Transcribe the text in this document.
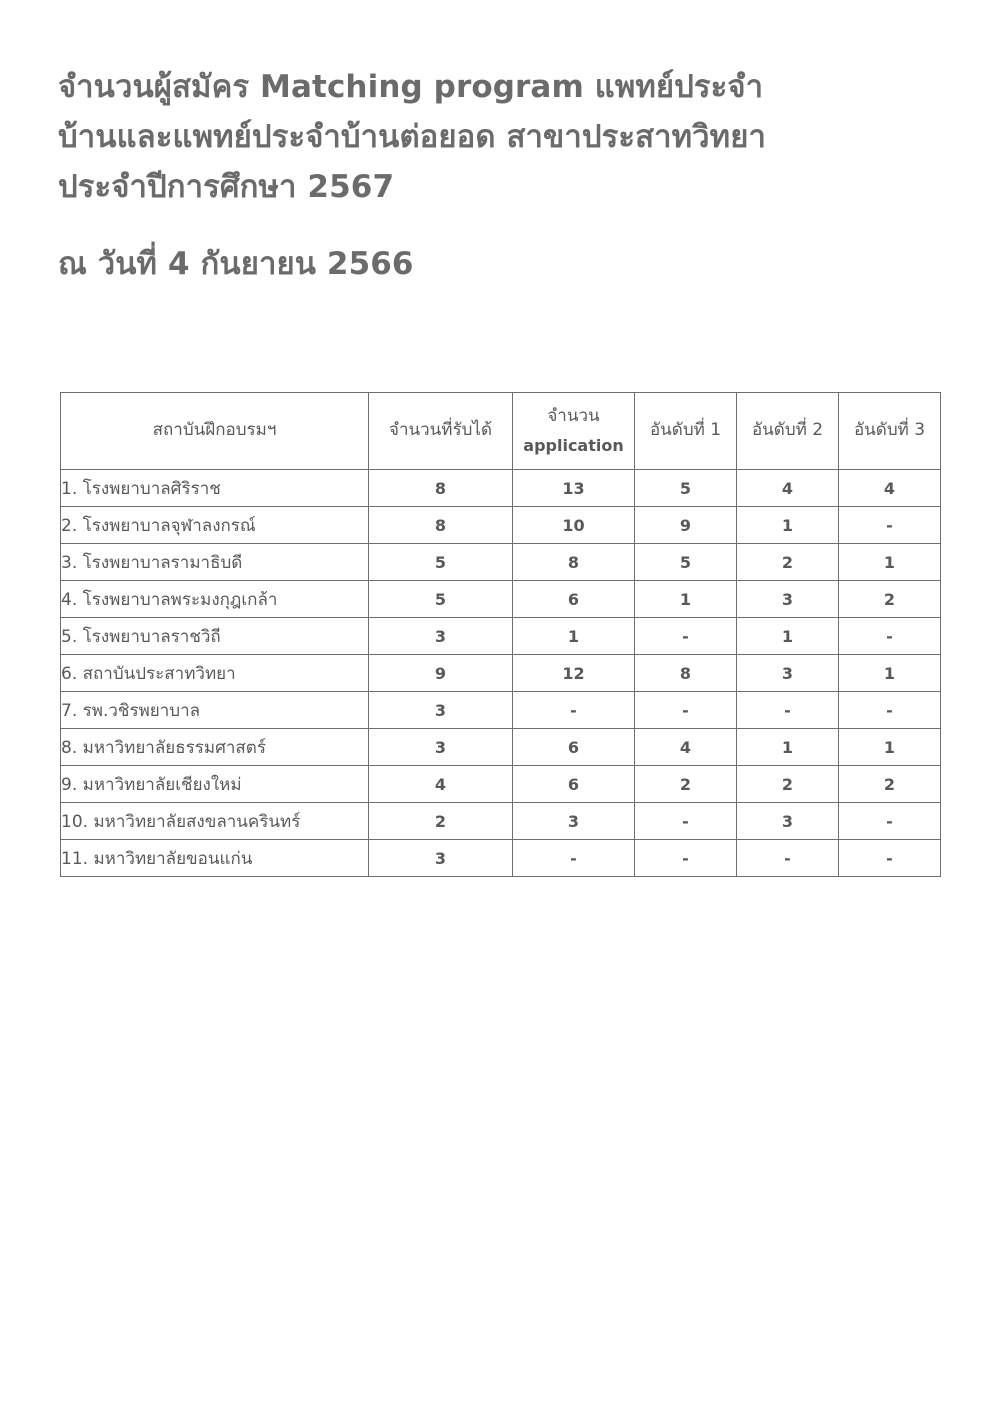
จำนวนผู้สมัคร Matching program แพทย์ประจำ
บ้านและแพทย์ประจำบ้านต่อยอด สาขาประสาทวิทยา
ประจำปีการศึกษา 2567

ณ วันที่ 4 กันยายน 2566

สถาบันฝึกอบรมฯ	จำนวนที่รับได้	จำนวน
application	อันดับที่ 1	อันดับที่ 2	อันดับที่ 3
1. โรงพยาบาลศิริราช	8	13	5	4	4
2. โรงพยาบาลจุฬาลงกรณ์	8	10	9	1	-
3. โรงพยาบาลรามาธิบดี	5	8	5	2	1
4. โรงพยาบาลพระมงกุฎเกล้า	5	6	1	3	2
5. โรงพยาบาลราชวิถี	3	1	-	1	-
6. สถาบันประสาทวิทยา	9	12	8	3	1
7. รพ.วชิรพยาบาล	3	-	-	-	-
8. มหาวิทยาลัยธรรมศาสตร์	3	6	4	1	1
9. มหาวิทยาลัยเชียงใหม่	4	6	2	2	2
10. มหาวิทยาลัยสงขลานครินทร์	2	3	-	3	-
11. มหาวิทยาลัยขอนแก่น	3	-	-	-	-
